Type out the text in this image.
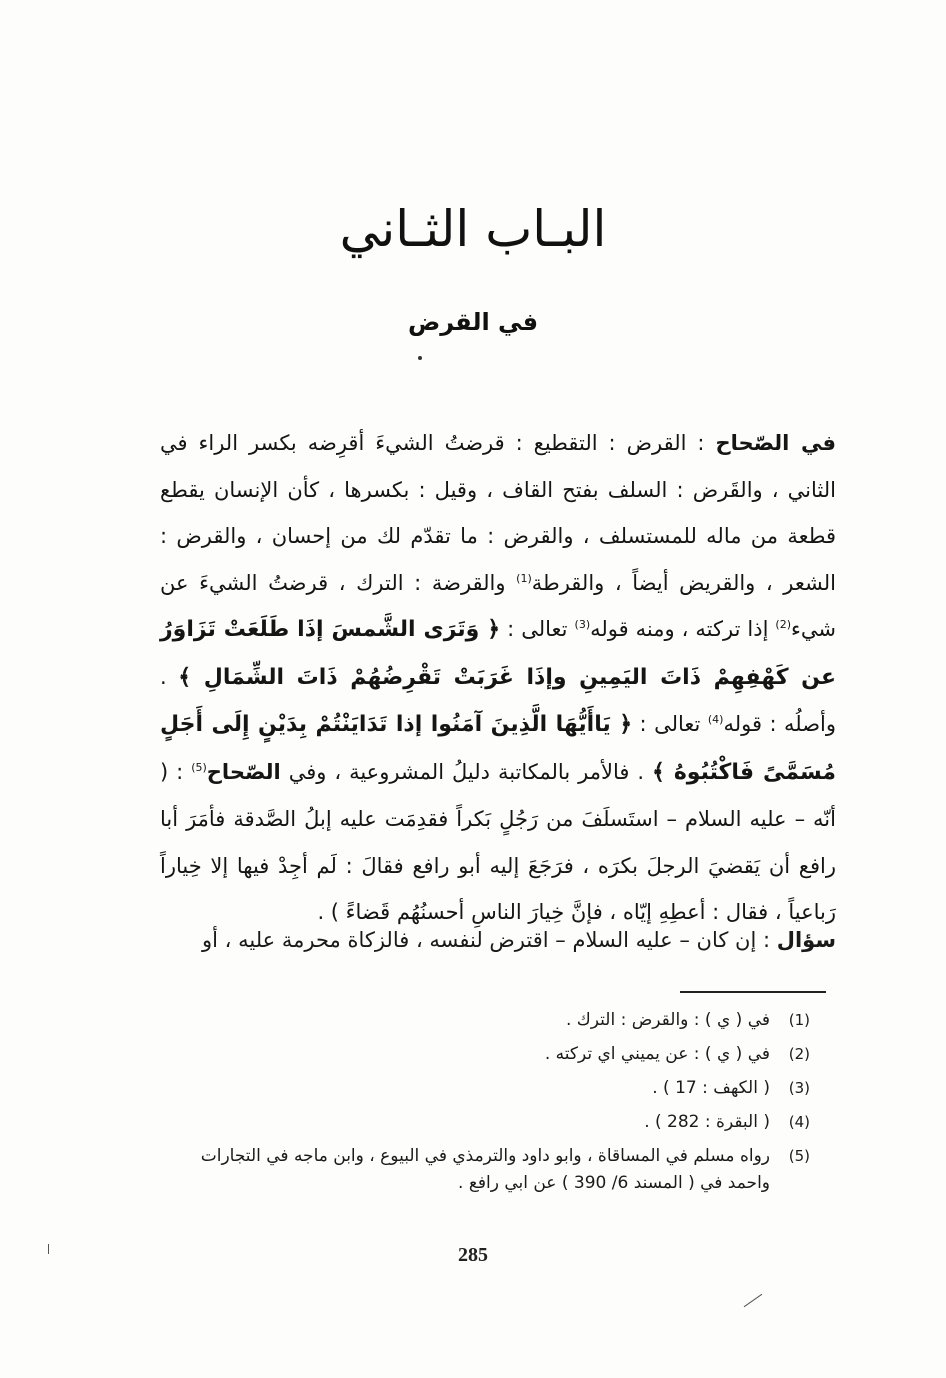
البـاب الثـاني
في القرض

في الصّحاح : القرض : التقطيع : قرضتُ الشيءَ أقرِضه بكسر الراء في الثاني ، والقَرض : السلف بفتح القاف ، وقيل : بكسرها ، كأن الإنسان يقطع قطعة من ماله للمستسلف ، والقرض : ما تقدّم لك من إحسان ، والقرض : الشعر ، والقريض أيضاً ، والقرطة$^{(1)}$ والقرضة : الترك ، قرضتُ الشيءَ عن شيء$^{(2)}$ إذا تركته ، ومنه قوله$^{(3)}$ تعالى : ﴿ وَتَرَى الشَّمسَ إذَا طَلَعَتْ تَزَاوَرُ عن كَهْفِهِمْ ذَاتَ اليَمِينِ وإذَا غَرَبَتْ تَقْرِضُهُمْ ذَاتَ الشِّمَالِ ﴾ . وأصلُه : قوله$^{(4)}$ تعالى : ﴿ يَاأَيُّهَا الَّذِينَ آمَنُوا إذا تَدَايَنْتُمْ بِدَيْنٍ إِلَى أَجَلٍ مُسَمَّىً فَاكْتُبُوهُ ﴾ . فالأمر بالمكاتبة دليلُ المشروعية ، وفي الصّحاح$^{(5)}$ : ( أنّه – عليه السلام – استَسلَفَ من رَجُلٍ بَكراً فقدِمَت عليه إبلُ الصَّدقة فأمَرَ أبا رافع أن يَقضيَ الرجلَ بكرَه ، فرَجَعَ إليه أبو رافع فقالَ : لَم أجِدْ فيها إلا خِياراً رَباعياً ، فقال : أعطِهِ إيّاه ، فإنَّ خِيارَ الناسِ أحسنُهُم قَضاءً ) .

سؤال : إن كان – عليه السلام – اقترض لنفسه ، فالزكاة محرمة عليه ، أو
(1)
في ( ي ) : والقرض : الترك .
(2)
في ( ي ) : عن يميني اي تركته .
(3)
( الكهف : 17 ) .
(4)
( البقرة : 282 ) .
(5)
رواه مسلم في المساقاة ، وابو داود والترمذي في البيوع ، وابن ماجه في التجارات واحمد في ( المسند 6/ 390 ) عن ابي رافع .
285
